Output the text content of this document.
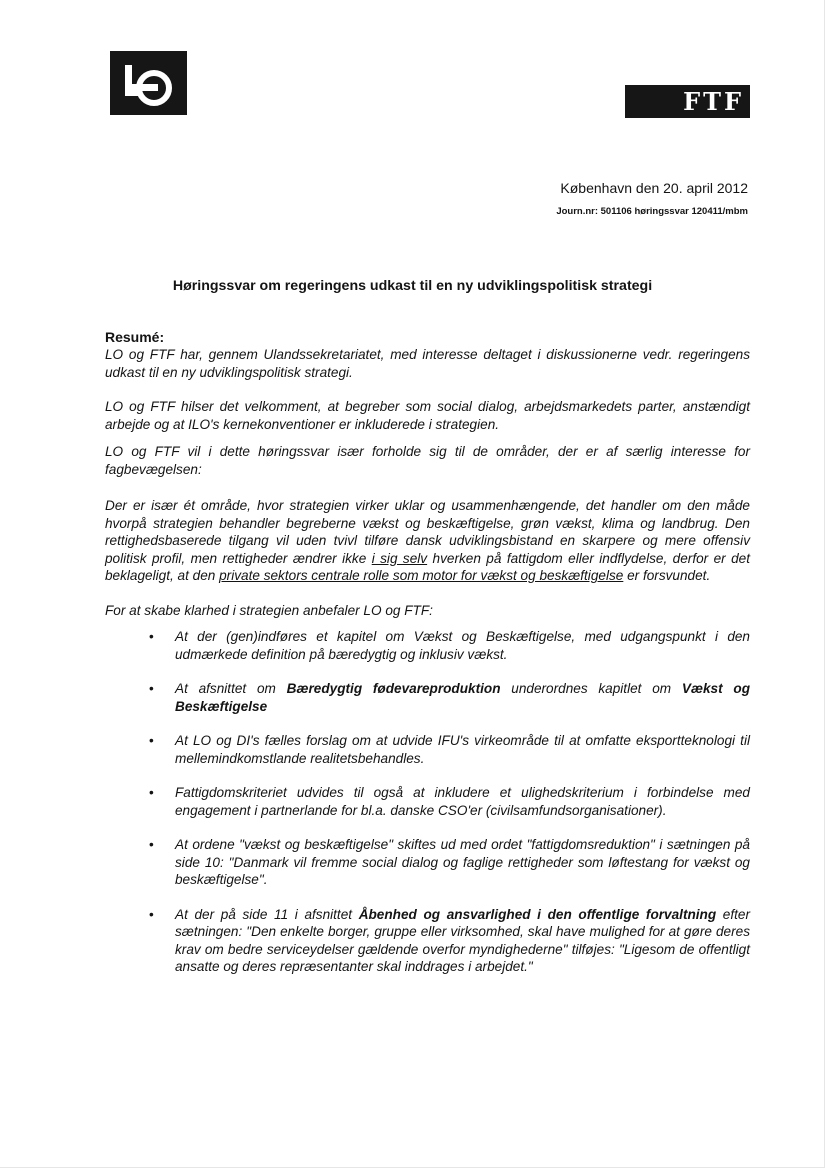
FTF
København den 20. april 2012
Journ.nr: 501106 høringssvar 120411/mbm
Høringssvar om regeringens udkast til en ny udviklingspolitisk strategi
Resumé:

LO og FTF har, gennem Ulandssekretariatet, med interesse deltaget i diskussionerne vedr. regeringens udkast til en ny udviklingspolitisk strategi.

LO og FTF hilser det velkomment, at begreber som social dialog, arbejdsmarkedets parter, anstændigt arbejde og at ILO's kernekonventioner er inkluderede i strategien.

LO og FTF vil i dette høringssvar især forholde sig til de områder, der er af særlig interesse for fagbevægelsen:

Der er især ét område, hvor strategien virker uklar og usammenhængende, det handler om den måde hvorpå strategien behandler begreberne vækst og beskæftigelse, grøn vækst, klima og landbrug. Den rettighedsbaserede tilgang vil uden tvivl tilføre dansk udviklingsbistand en skarpere og mere offensiv politisk profil, men rettigheder ændrer ikke i sig selv hverken på fattigdom eller indflydelse, derfor er det beklageligt, at den private sektors centrale rolle som motor for vækst og beskæftigelse er forsvundet.

For at skabe klarhed i strategien anbefaler LO og FTF:

• At der (gen)indføres et kapitel om Vækst og Beskæftigelse, med udgangspunkt i den udmærkede definition på bæredygtig og inklusiv vækst.
• At afsnittet om Bæredygtig fødevareproduktion underordnes kapitlet om Vækst og Beskæftigelse
• At LO og DI's fælles forslag om at udvide IFU's virkeområde til at omfatte eksportteknologi til mellemindkomstlande realitetsbehandles.
• Fattigdomskriteriet udvides til også at inkludere et ulighedskriterium i forbindelse med engagement i partnerlande for bl.a. danske CSO'er (civilsamfundsorganisationer).
• At ordene "vækst og beskæftigelse" skiftes ud med ordet "fattigdomsreduktion" i sætningen på side 10: "Danmark vil fremme social dialog og faglige rettigheder som løftestang for vækst og beskæftigelse".
• At der på side 11 i afsnittet Åbenhed og ansvarlighed i den offentlige forvaltning efter sætningen: "Den enkelte borger, gruppe eller virksomhed, skal have mulighed for at gøre deres krav om bedre serviceydelser gældende overfor myndighederne" tilføjes: "Ligesom de offentligt ansatte og deres repræsentanter skal inddrages i arbejdet."
